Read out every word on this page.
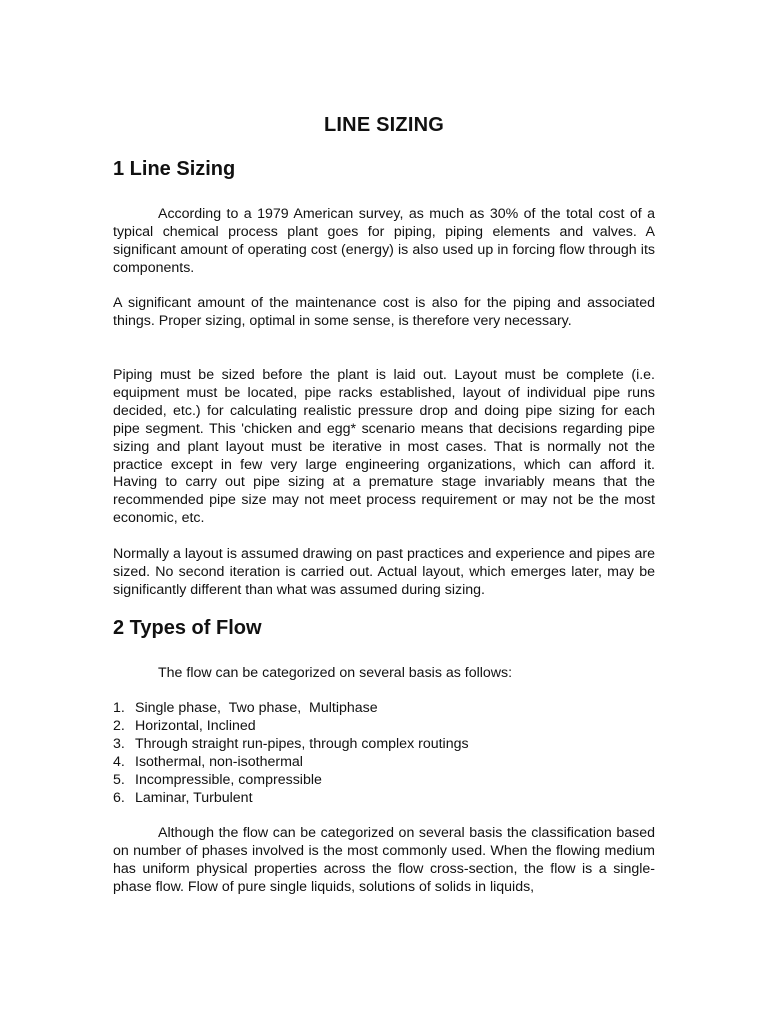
LINE SIZING
1 Line Sizing

According to a 1979 American survey, as much as 30% of the total cost of a typical chemical process plant goes for piping, piping elements and valves. A significant amount of operating cost (energy) is also used up in forcing flow through its components.

A significant amount of the maintenance cost is also for the piping and associated things. Proper sizing, optimal in some sense, is therefore very necessary.

Piping must be sized before the plant is laid out. Layout must be complete (i.e. equipment must be located, pipe racks established, layout of individual pipe runs decided, etc.) for calculating realistic pressure drop and doing pipe sizing for each pipe segment. This 'chicken and egg* scenario means that decisions regarding pipe sizing and plant layout must be iterative in most cases. That is normally not the practice except in few very large engineering organizations, which can afford it. Having to carry out pipe sizing at a premature stage invariably means that the recommended pipe size may not meet process requirement or may not be the most economic, etc.

Normally a layout is assumed drawing on past practices and experience and pipes are sized. No second iteration is carried out. Actual layout, which emerges later, may be significantly different than what was assumed during sizing.

2 Types of Flow

The flow can be categorized on several basis as follows:

1. Single phase,  Two phase,  Multiphase
2. Horizontal, Inclined
3. Through straight run-pipes, through complex routings
4. Isothermal, non-isothermal
5. Incompressible, compressible
6. Laminar, Turbulent

Although the flow can be categorized on several basis the classification based on number of phases involved is the most commonly used. When the flowing medium has uniform physical properties across the flow cross-section, the flow is a single-phase flow. Flow of pure single liquids, solutions of solids in liquids,
